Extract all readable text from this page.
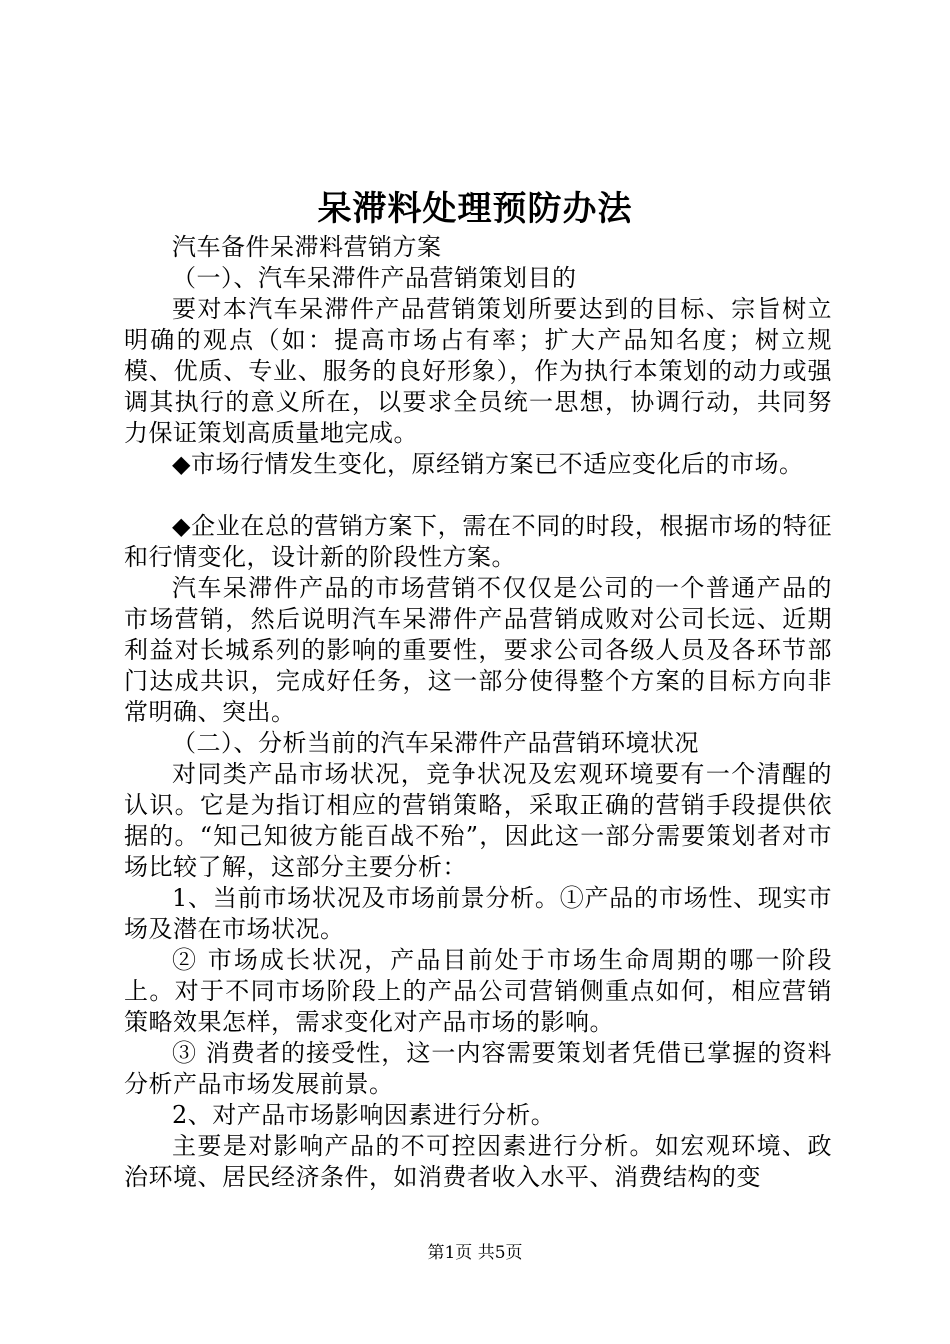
呆滞料处理预防办法

汽车备件呆滞料营销方案

（一）、汽车呆滞件产品营销策划目的

要对本汽车呆滞件产品营销策划所要达到的目标、宗旨树立明确的观点（如：提高市场占有率；扩大产品知名度；树立规模、优质、专业、服务的良好形象），作为执行本策划的动力或强调其执行的意义所在，以要求全员统一思想，协调行动，共同努力保证策划高质量地完成。

◆市场行情发生变化，原经销方案已不适应变化后的市场。

◆企业在总的营销方案下，需在不同的时段，根据市场的特征和行情变化，设计新的阶段性方案。

汽车呆滞件产品的市场营销不仅仅是公司的一个普通产品的市场营销，然后说明汽车呆滞件产品营销成败对公司长远、近期利益对长城系列的影响的重要性，要求公司各级人员及各环节部门达成共识，完成好任务，这一部分使得整个方案的目标方向非常明确、突出。

（二）、分析当前的汽车呆滞件产品营销环境状况

对同类产品市场状况，竞争状况及宏观环境要有一个清醒的认识。它是为指订相应的营销策略，采取正确的营销手段提供依据的。“知己知彼方能百战不殆”，因此这一部分需要策划者对市场比较了解，这部分主要分析：

1、当前市场状况及市场前景分析。①产品的市场性、现实市场及潜在市场状况。

② 市场成长状况，产品目前处于市场生命周期的哪一阶段上。对于不同市场阶段上的产品公司营销侧重点如何，相应营销策略效果怎样，需求变化对产品市场的影响。

③ 消费者的接受性，这一内容需要策划者凭借已掌握的资料分析产品市场发展前景。

2、对产品市场影响因素进行分析。

主要是对影响产品的不可控因素进行分析。如宏观环境、政治环境、居民经济条件，如消费者收入水平、消费结构的变

第1页 共5页
